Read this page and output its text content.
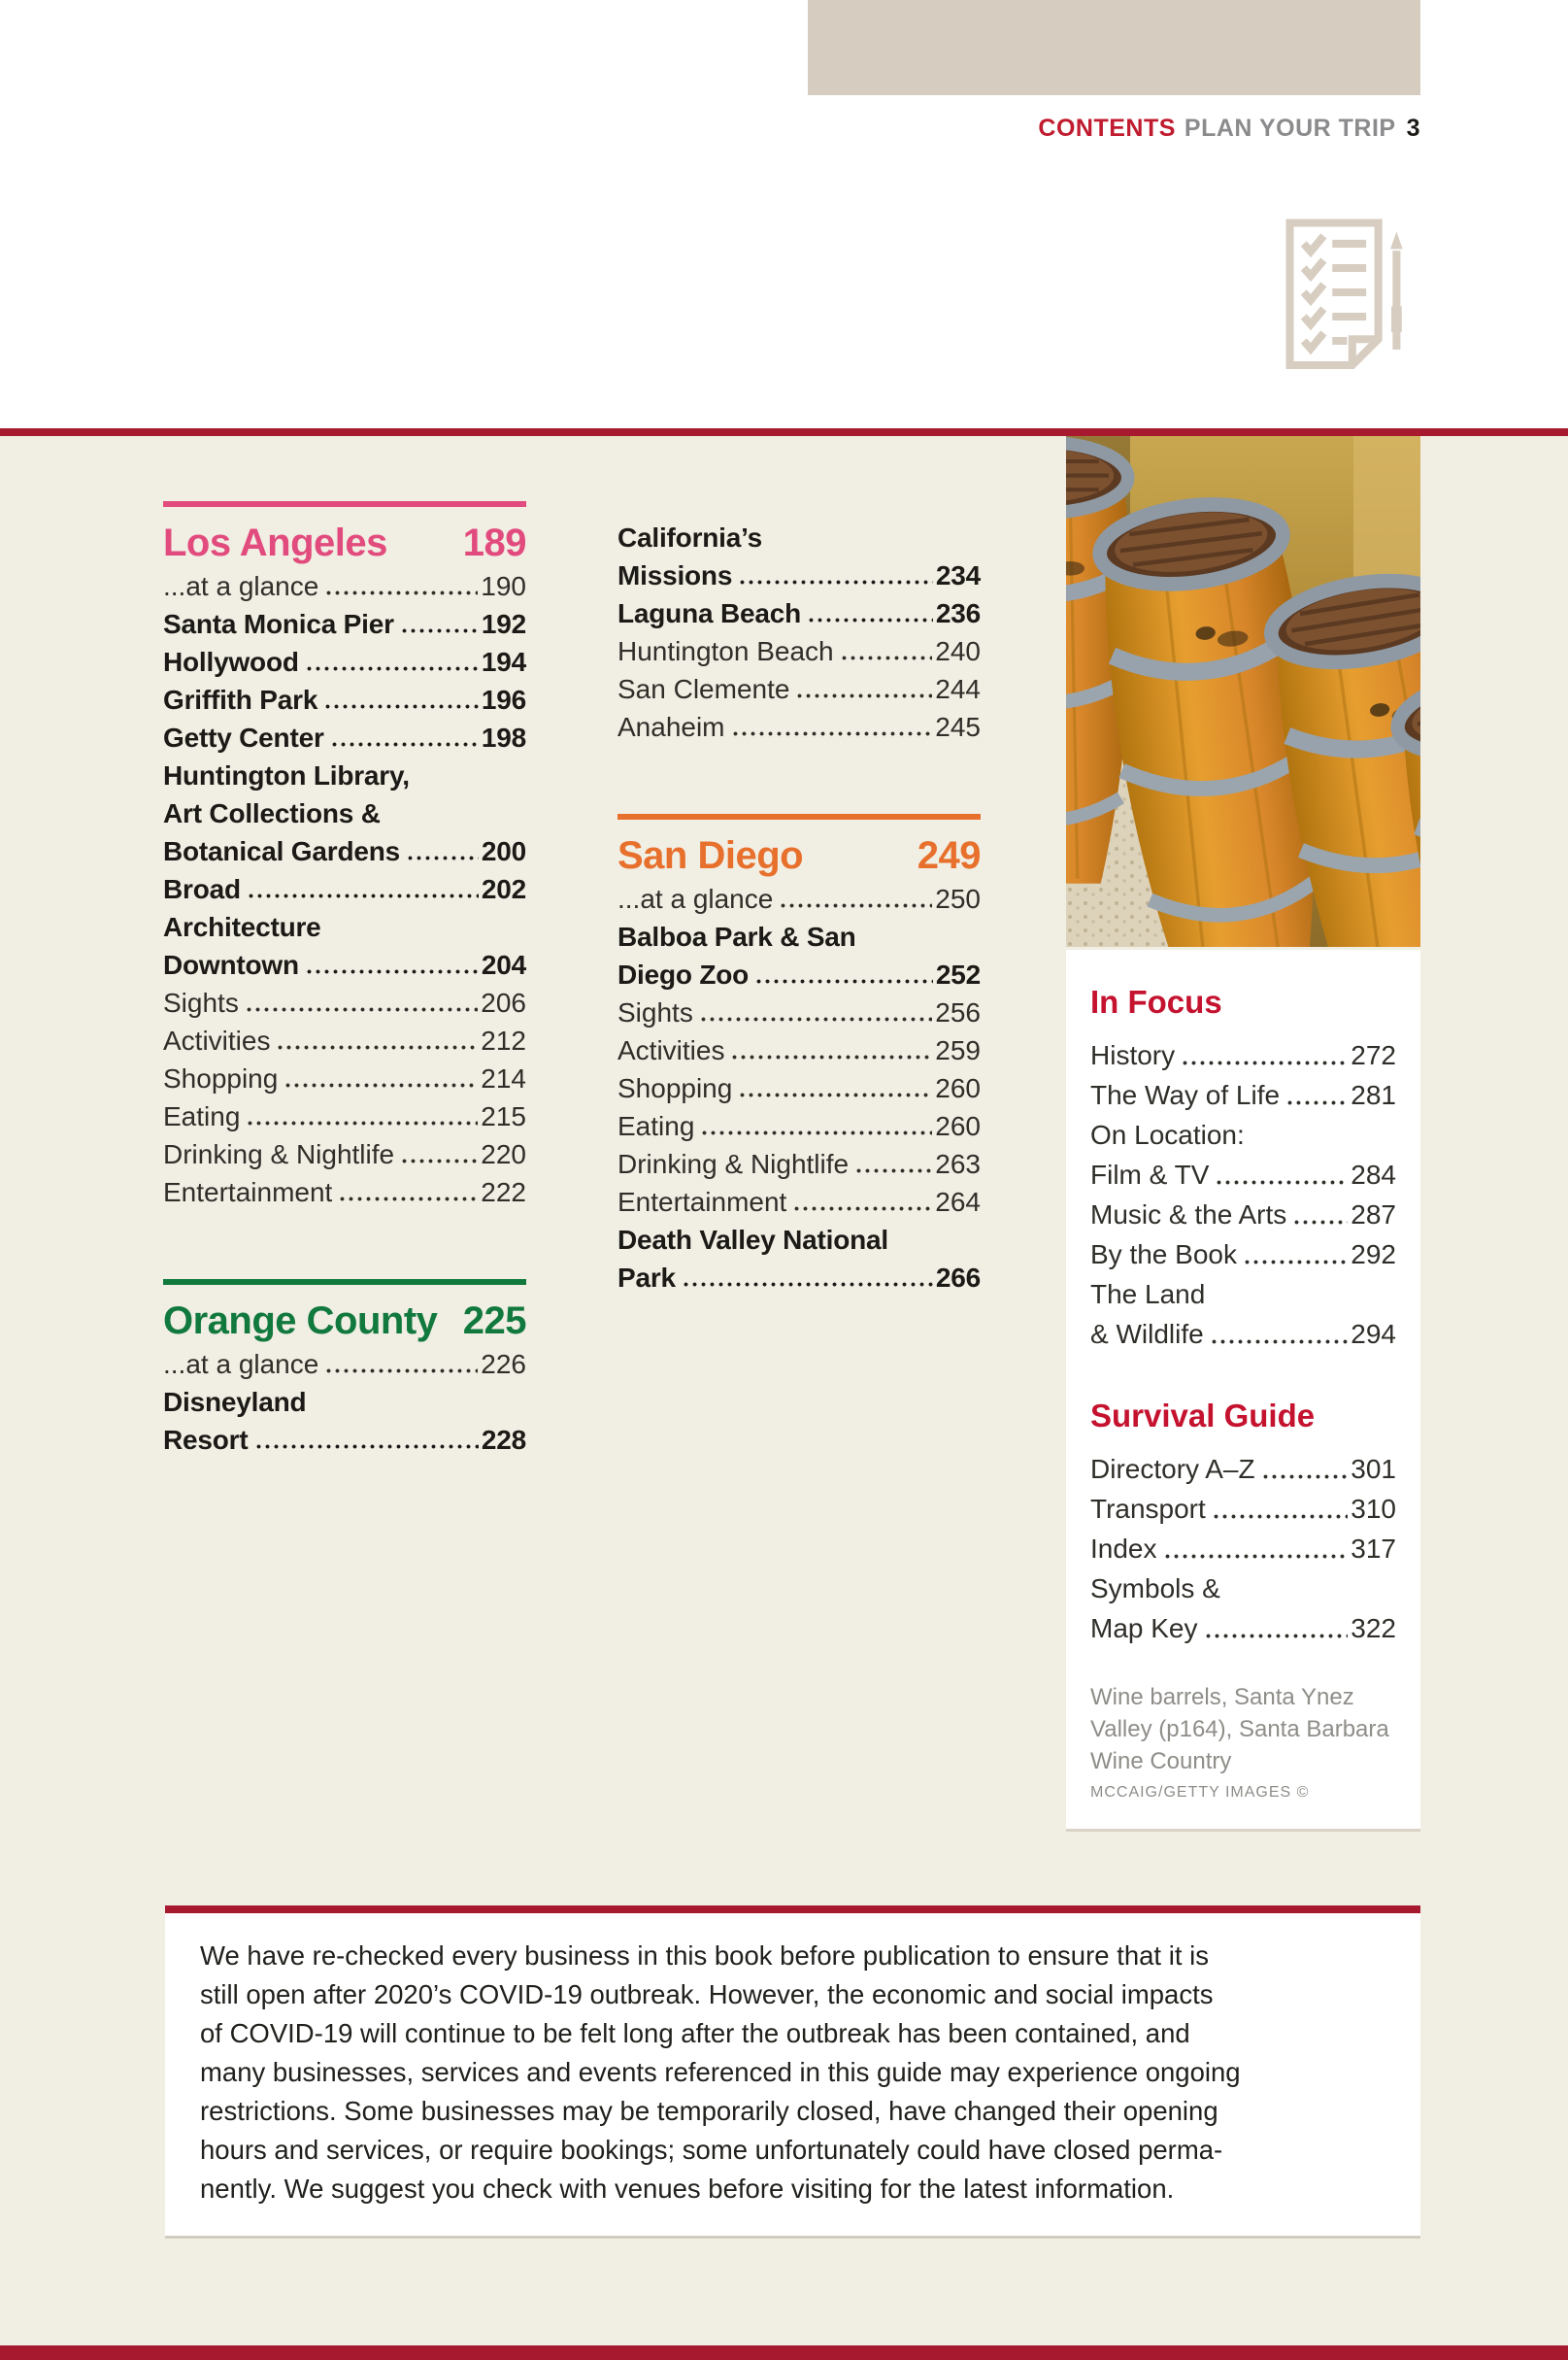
CONTENTS PLAN YOUR TRIP 3
Los Angeles 189
...at a glance	190
Santa Monica Pier	192
Hollywood	194
Griffith Park	196
Getty Center	198
Huntington Library,
Art Collections &
Botanical Gardens	200
Broad	202
Architecture
Downtown	204
Sights	206
Activities	212
Shopping	214
Eating	215
Drinking & Nightlife	220
Entertainment	222
Orange County 225
...at a glance	226
Disneyland
Resort	228
California’s
Missions	234
Laguna Beach	236
Huntington Beach	240
San Clemente	244
Anaheim	245
San Diego	249
...at a glance	250
Balboa Park & San
Diego Zoo	252
Sights	256
Activities	259
Shopping	260
Eating	260
Drinking & Nightlife	263
Entertainment	264
Death Valley National
Park	266
In Focus
History	272
The Way of Life	281
On Location:
Film & TV	284
Music & the Arts 287
By the Book	292
The Land
& Wildlife	294
Survival Guide
Directory A–Z	301
Transport	310
Index	317
Symbols &
Map Key	322
Wine barrels, Santa Ynez Valley (p164), Santa Barbara Wine Country
MCCAIG/GETTY IMAGES ©
We have re-checked every business in this book before publication to ensure that it is
still open after 2020’s COVID-19 outbreak. However, the economic and social impacts
of COVID-19 will continue to be felt long after the outbreak has been contained, and
many businesses, services and events referenced in this guide may experience ongoing
restrictions. Some businesses may be temporarily closed, have changed their opening
hours and services, or require bookings; some unfortunately could have closed perma-
nently. We suggest you check with venues before visiting for the latest information.
